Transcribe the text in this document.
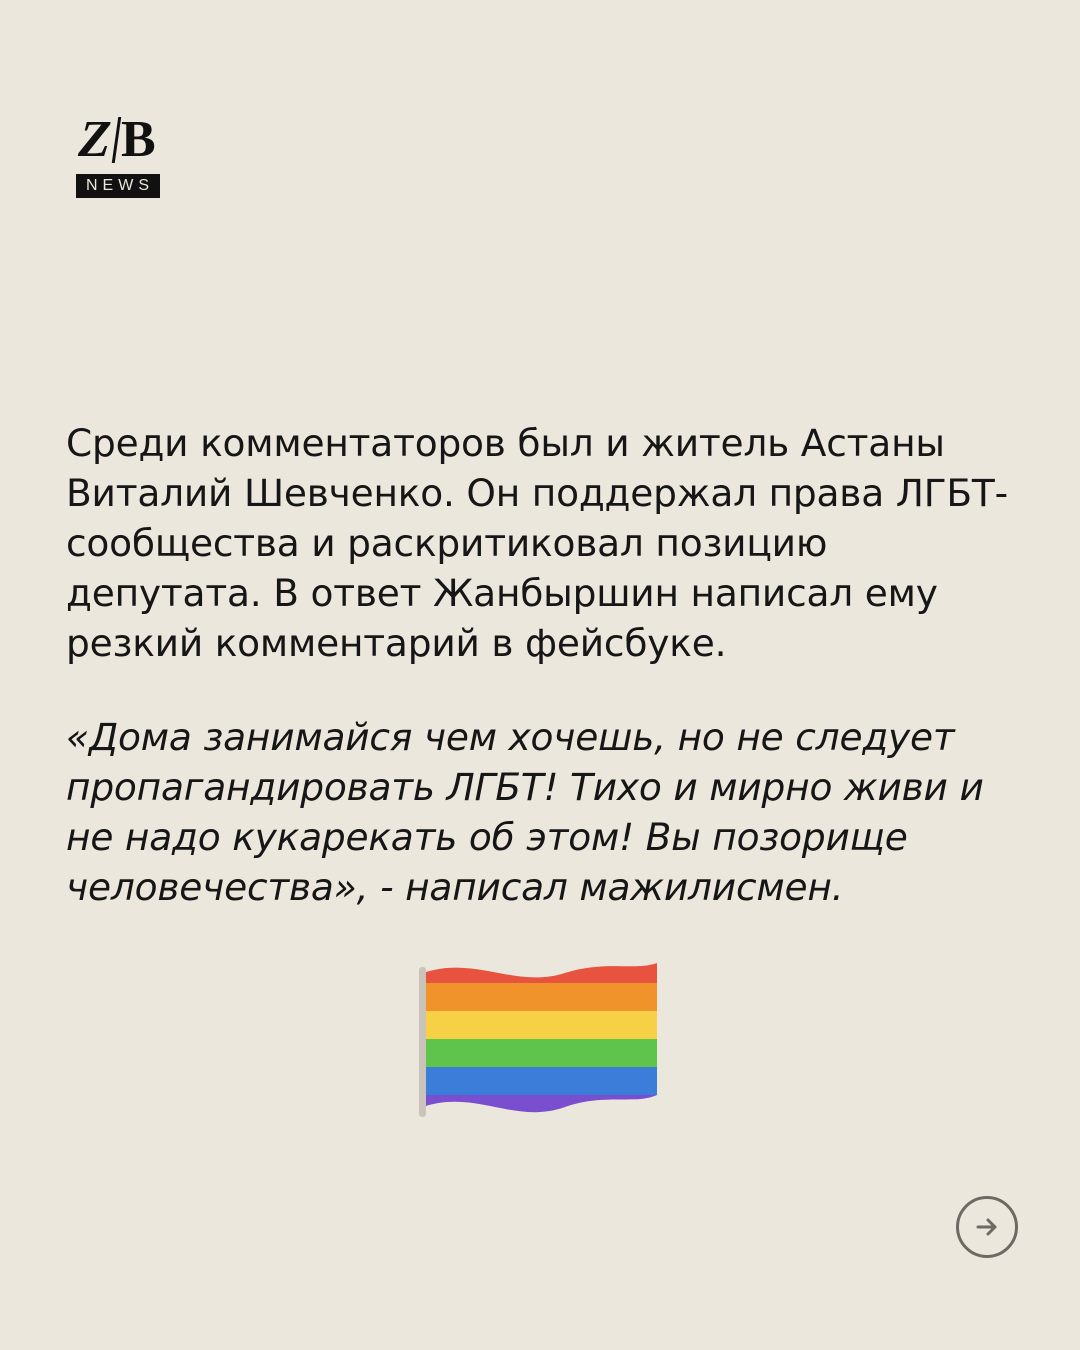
Z B
NEWS

Среди комментаторов был и житель Астаны Виталий Шевченко. Он поддержал права ЛГБТ-сообщества и раскритиковал позицию депутата. В ответ Жанбыршин написал ему резкий комментарий в фейсбуке.

«Дома занимайся чем хочешь, но не следует пропагандировать ЛГБТ! Тихо и мирно живи и не надо кукарекать об этом! Вы позорище человечества», - написал мажилисмен.
